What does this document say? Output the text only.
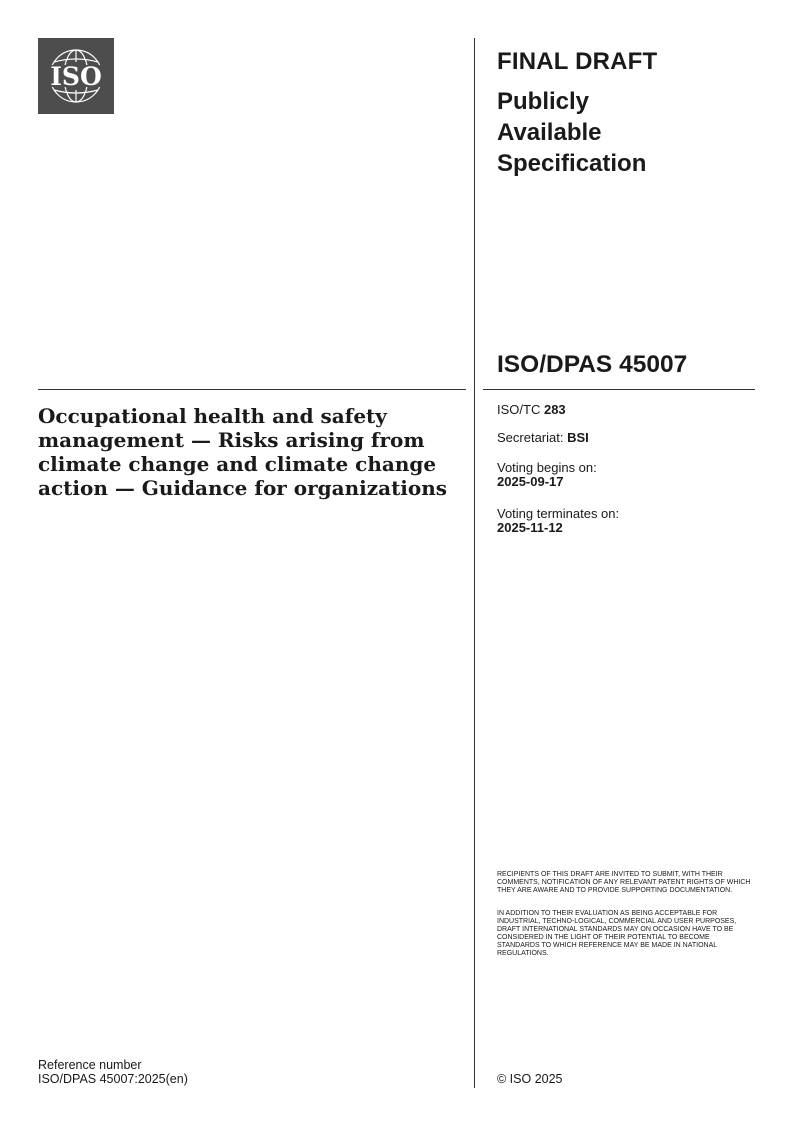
ISO
FINAL DRAFT
Publicly
Available
Specification
ISO/DPAS 45007
Occupational health and safety management — Risks arising from climate change and climate change action — Guidance for organizations
ISO/TC 283
Secretariat: BSI
Voting begins on:
2025-09-17
Voting terminates on:
2025-11-12
RECIPIENTS OF THIS DRAFT ARE INVITED TO SUBMIT, WITH THEIR COMMENTS, NOTIFICATION OF ANY RELEVANT PATENT RIGHTS OF WHICH THEY ARE AWARE AND TO PROVIDE SUPPORTING DOCUMENTATION.
IN ADDITION TO THEIR EVALUATION AS BEING ACCEPTABLE FOR INDUSTRIAL, TECHNO-LOGICAL, COMMERCIAL AND USER PURPOSES, DRAFT INTERNATIONAL STANDARDS MAY ON OCCASION HAVE TO BE CONSIDERED IN THE LIGHT OF THEIR POTENTIAL TO BECOME STANDARDS TO WHICH REFERENCE MAY BE MADE IN NATIONAL REGULATIONS.
Reference number
ISO/DPAS 45007:2025(en)	© ISO 2025
